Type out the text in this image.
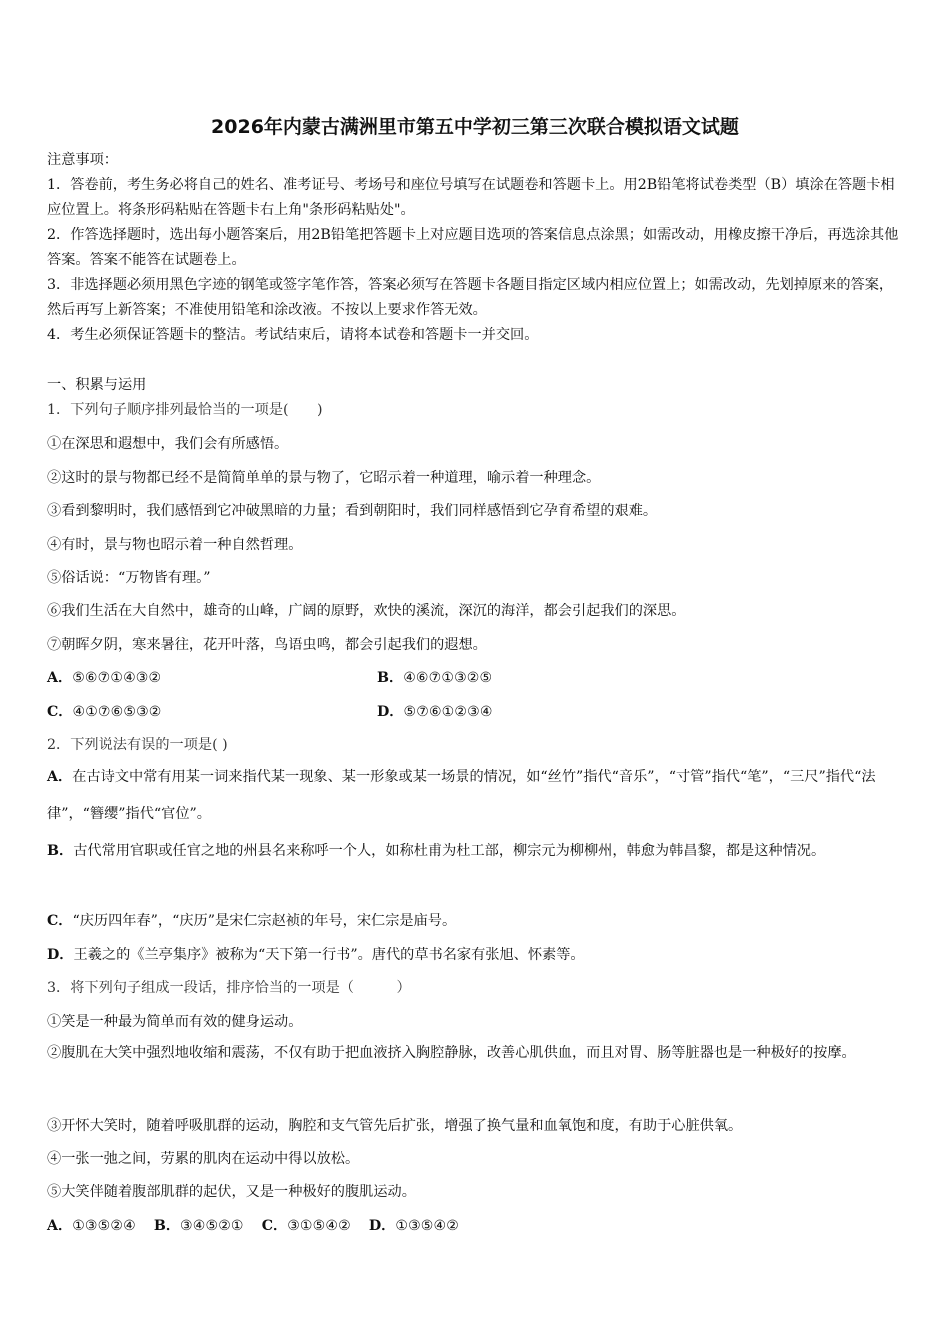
2026年内蒙古满洲里市第五中学初三第三次联合模拟语文试题

注意事项：

1．答卷前，考生务必将自己的姓名、准考证号、考场号和座位号填写在试题卷和答题卡上。用2B铅笔将试卷类型（B）填涂在答题卡相应位置上。将条形码粘贴在答题卡右上角"条形码粘贴处"。

2．作答选择题时，选出每小题答案后，用2B铅笔把答题卡上对应题目选项的答案信息点涂黑；如需改动，用橡皮擦干净后，再选涂其他答案。答案不能答在试题卷上。

3．非选择题必须用黑色字迹的钢笔或签字笔作答，答案必须写在答题卡各题目指定区域内相应位置上；如需改动，先划掉原来的答案，然后再写上新答案；不准使用铅笔和涂改液。不按以上要求作答无效。

4．考生必须保证答题卡的整洁。考试结束后，请将本试卷和答题卡一并交回。

一、积累与运用
1．下列句子顺序排列最恰当的一项是(　　)
①在深思和遐想中，我们会有所感悟。
②这时的景与物都已经不是简简单单的景与物了，它昭示着一种道理，喻示着一种理念。
③看到黎明时，我们感悟到它冲破黑暗的力量；看到朝阳时，我们同样感悟到它孕育希望的艰难。
④有时，景与物也昭示着一种自然哲理。
⑤俗话说：“万物皆有理。”
⑥我们生活在大自然中，雄奇的山峰，广阔的原野，欢快的溪流，深沉的海洋，都会引起我们的深思。
⑦朝晖夕阴，寒来暑往，花开叶落，鸟语虫鸣，都会引起我们的遐想。
A．⑤⑥⑦①④③②	B．④⑥⑦①③②⑤
C．④①⑦⑥⑤③②	D．⑤⑦⑥①②③④
2．下列说法有误的一项是( )
A．在古诗文中常有用某一词来指代某一现象、某一形象或某一场景的情况，如“丝竹”指代“音乐”，“寸管”指代“笔”，“三尺”指代“法律”，“簪缨”指代“官位”。
B．古代常用官职或任官之地的州县名来称呼一个人，如称杜甫为杜工部，柳宗元为柳柳州，韩愈为韩昌黎，都是这种情况。
C．“庆历四年春”，“庆历”是宋仁宗赵祯的年号，宋仁宗是庙号。
D．王羲之的《兰亭集序》被称为“天下第一行书”。唐代的草书名家有张旭、怀素等。
3．将下列句子组成一段话，排序恰当的一项是（　　　）
①笑是一种最为简单而有效的健身运动。
②腹肌在大笑中强烈地收缩和震荡，不仅有助于把血液挤入胸腔静脉，改善心肌供血，而且对胃、肠等脏器也是一种极好的按摩。
③开怀大笑时，随着呼吸肌群的运动，胸腔和支气管先后扩张，增强了换气量和血氧饱和度，有助于心脏供氧。
④一张一弛之间，劳累的肌肉在运动中得以放松。
⑤大笑伴随着腹部肌群的起伏，又是一种极好的腹肌运动。
A．①③⑤②④ B．③④⑤②① C．③①⑤④② D．①③⑤④②
